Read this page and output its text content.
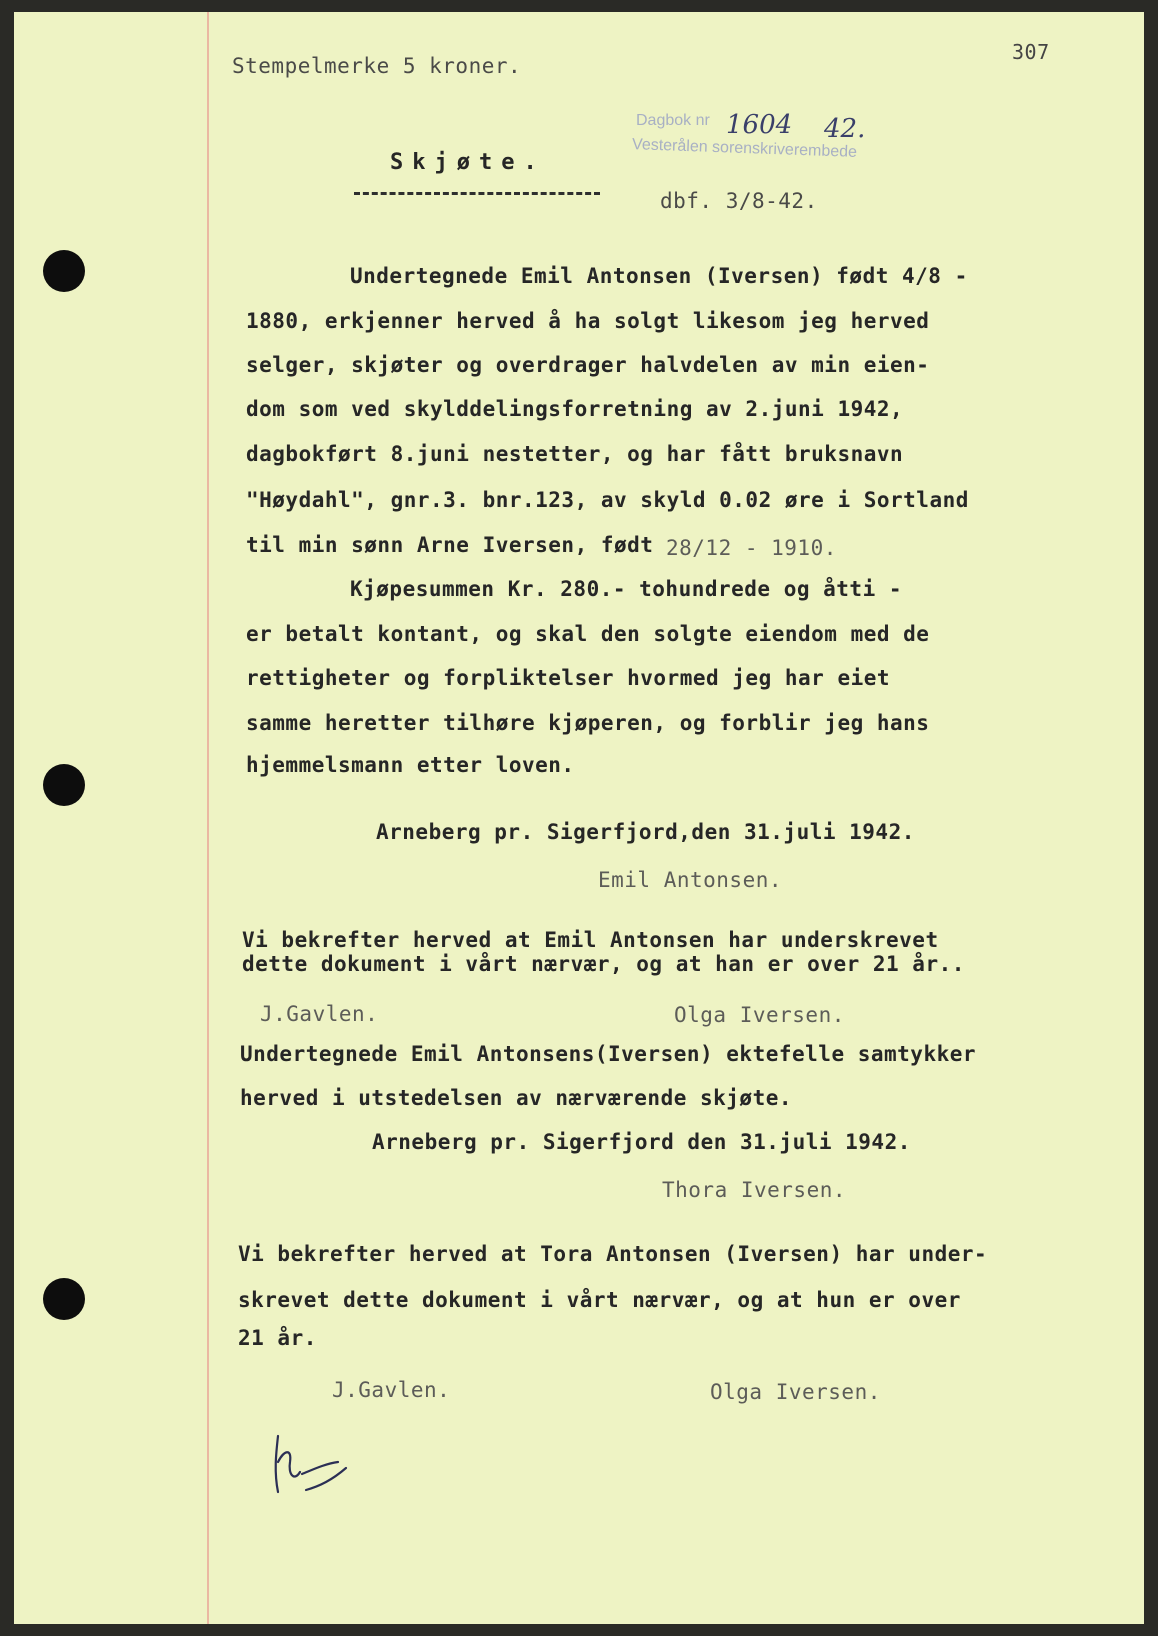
Stempelmerke 5 kroner.
307
Dagbok nr 1604 42.
Vesterålen sorenskriverembede
Skjøte.
dbf. 3/8-42.
Undertegnede Emil Antonsen (Iversen) født 4/8 -
1880, erkjenner herved å ha solgt likesom jeg herved
selger, skjøter og overdrager halvdelen av min eien-
dom som ved skylddelingsforretning av 2.juni 1942,
dagbokført 8.juni nestetter, og har fått bruksnavn
"Høydahl", gnr.3. bnr.123, av skyld 0.02 øre i Sortland
til min sønn Arne Iversen, født 28/12 - 1910.
Kjøpesummen Kr. 280.- tohundrede og åtti -
er betalt kontant, og skal den solgte eiendom med de
rettigheter og forpliktelser hvormed jeg har eiet
samme heretter tilhøre kjøperen, og forblir jeg hans
hjemmelsmann etter loven.
Arneberg pr. Sigerfjord,den 31.juli 1942.
Emil Antonsen.
Vi bekrefter herved at Emil Antonsen har underskrevet
dette dokument i vårt nærvær, og at han er over 21 år..
J.Gavlen.	Olga Iversen.
Undertegnede Emil Antonsens(Iversen) ektefelle samtykker
herved i utstedelsen av nærværende skjøte.
Arneberg pr. Sigerfjord den 31.juli 1942.
Thora Iversen.
Vi bekrefter herved at Tora Antonsen (Iversen) har under-
skrevet dette dokument i vårt nærvær, og at hun er over
21 år.
J.Gavlen.	Olga Iversen.
